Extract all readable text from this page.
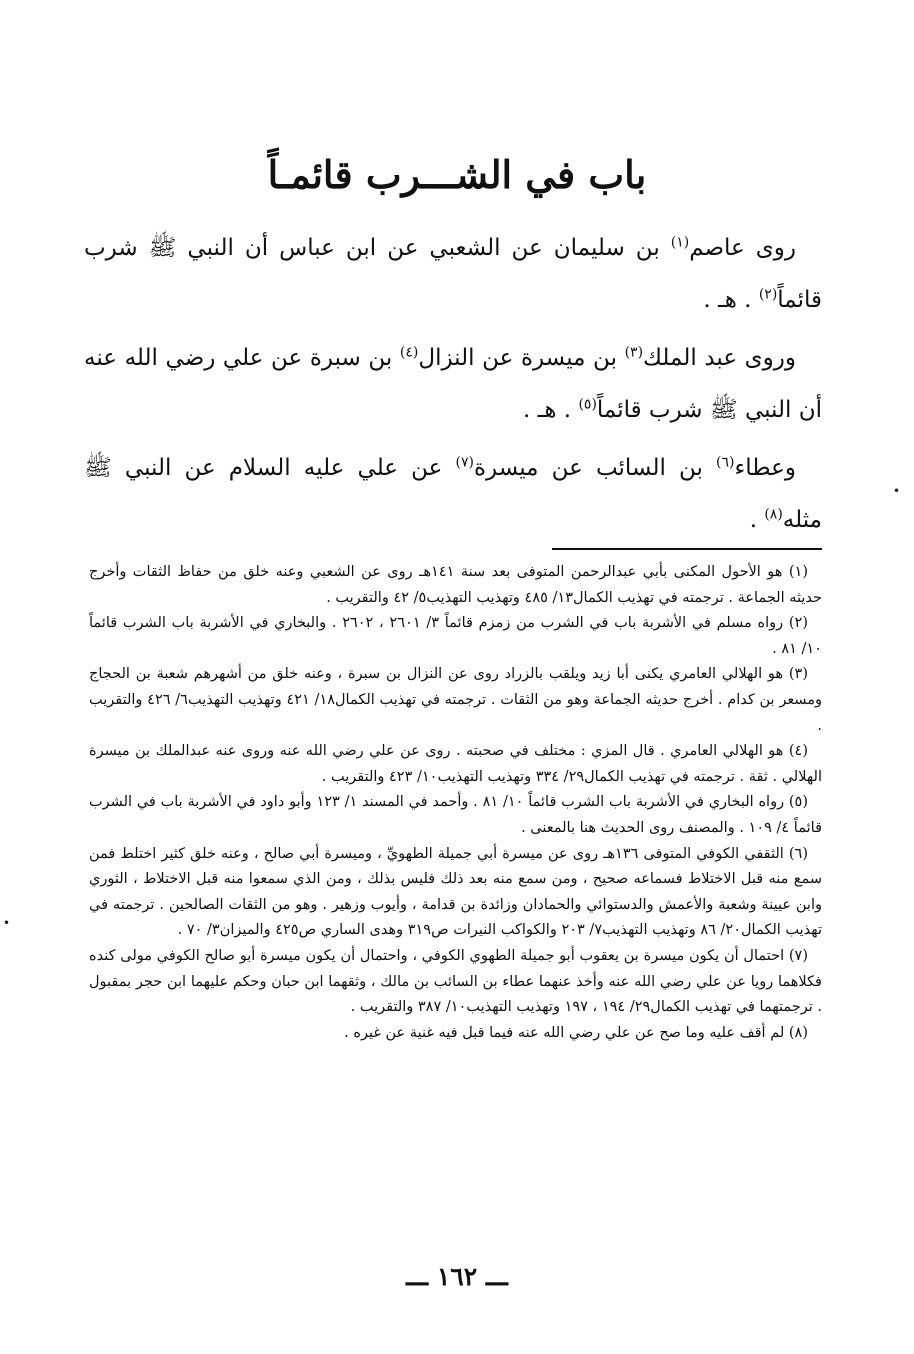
باب في الشـــرب قائمـاً

روى عاصم$^{(١)}$ بن سليمان عن الشعبي عن ابن عباس أن النبي ﷺ شرب قائماً$^{(٢)}$ . هـ .

وروى عبد الملك$^{(٣)}$ بن ميسرة عن النزال$^{(٤)}$ بن سبرة عن علي رضي الله عنه أن النبي ﷺ شرب قائماً$^{(٥)}$ . هـ .

وعطاء$^{(٦)}$ بن السائب عن ميسرة$^{(٧)}$ عن علي عليه السلام عن النبي ﷺ مثله$^{(٨)}$ .

(١) هو الأحول المكنى بأبي عبدالرحمن المتوفى بعد سنة ١٤١هـ روى عن الشعبي وعنه خلق من حفاظ الثقات وأخرج حديثه الجماعة . ترجمته في تهذيب الكمال١٣/ ٤٨٥ وتهذيب التهذيب٥/ ٤٢ والتقريب .

(٢) رواه مسلم في الأشربة باب في الشرب من زمزم قائماً ٣/ ٢٦٠١ ، ٢٦٠٢ . والبخاري في الأشربة باب الشرب قائماً ١٠/ ٨١ .

(٣) هو الهلالي العامري يكنى أبا زيد ويلقب بالزراد روى عن النزال بن سبرة ، وعنه خلق من أشهرهم شعبة بن الحجاج ومسعر بن كدام . أخرج حديثه الجماعة وهو من الثقات . ترجمته في تهذيب الكمال١٨/ ٤٢١ وتهذيب التهذيب٦/ ٤٢٦ والتقريب .

(٤) هو الهلالي العامري . قال المزي : مختلف في صحبته . روى عن علي رضي الله عنه وروى عنه عبدالملك بن ميسرة الهلالي . ثقة . ترجمته في تهذيب الكمال٢٩/ ٣٣٤ وتهذيب التهذيب١٠/ ٤٢٣ والتقريب .

(٥) رواه البخاري في الأشربة باب الشرب قائماً ١٠/ ٨١ . وأحمد في المسند ١/ ١٢٣ وأبو داود في الأشربة باب في الشرب قائماً ٤/ ١٠٩ . والمصنف روى الحديث هنا بالمعنى .

(٦) الثقفي الكوفي المتوفى ١٣٦هـ روى عن ميسرة أبي جميلة الطهويِّ ، وميسرة أبي صالح ، وعنه خلق كثير اختلط فمن سمع منه قبل الاختلاط فسماعه صحيح ، ومن سمع منه بعد ذلك فليس بذلك ، ومن الذي سمعوا منه قبل الاختلاط ، الثوري وابن عيينة وشعبة والأعمش والدستوائي والحمادان وزائدة بن قدامة ، وأيوب وزهير . وهو من الثقات الصالحين . ترجمته في تهذيب الكمال٢٠/ ٨٦ وتهذيب التهذيب٧/ ٢٠٣ والكواكب النيرات ص٣١٩ وهدى الساري ص٤٢٥ والميزان٣/ ٧٠ .

(٧) احتمال أن يكون ميسرة بن يعقوب أبو جميلة الطهوي الكوفي ، واحتمال أن يكون ميسرة أبو صالح الكوفي مولى كنده فكلاهما رويا عن علي رضي الله عنه وأخذ عنهما عطاء بن السائب بن مالك ، وثقهما ابن حبان وحكم عليهما ابن حجر بمقبول . ترجمتهما في تهذيب الكمال٢٩/ ١٩٤ ، ١٩٧ وتهذيب التهذيب١٠/ ٣٨٧ والتقريب .

(٨) لم أقف عليه وما صح عن علي رضي الله عنه فيما قبل فيه غنية عن غيره .

ـــ ١٦٢ ـــ
•
•
